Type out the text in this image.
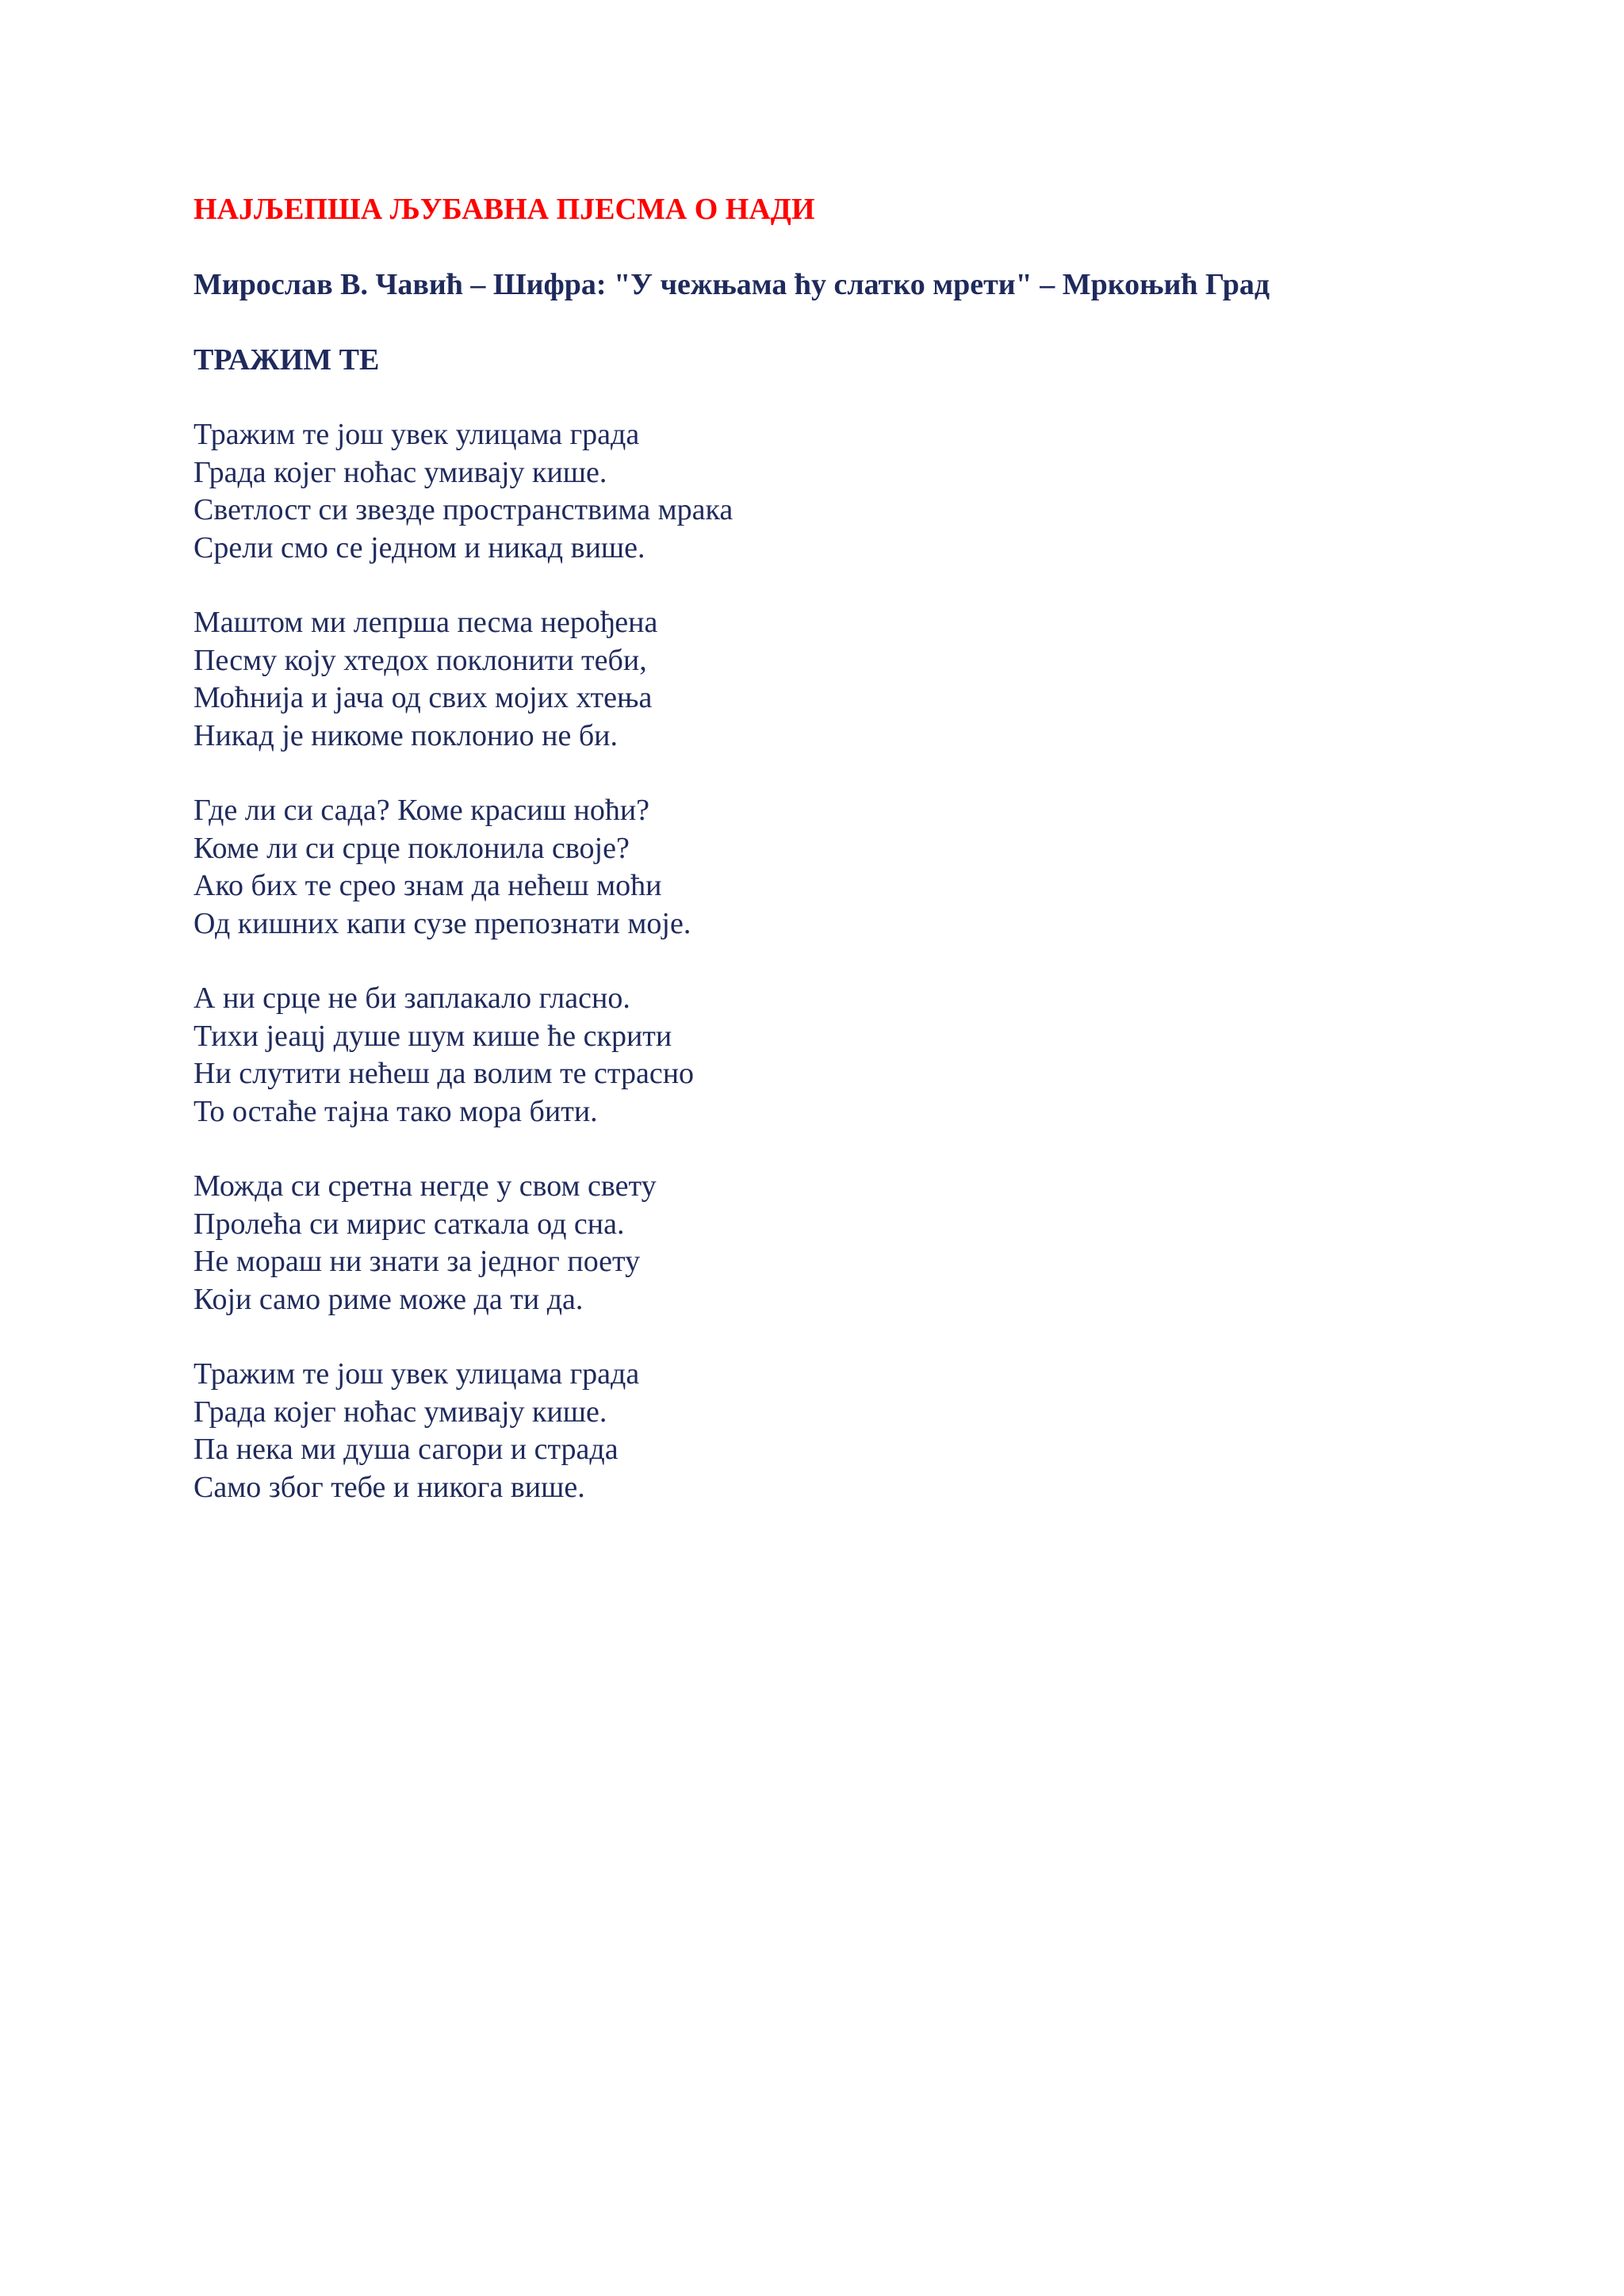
НАЈЉЕПША ЉУБАВНА ПЈЕСМА О НАДИ

Мирослав В. Чавић – Шифра: "У чежњама ћу слатко мрети" – Мркоњић Град

ТРАЖИМ ТЕ

Тражим те још увек улицама града
Града којег ноћас умивају кише.
Светлост си звезде пространствима мрака
Срели смо се једном и никад више.
Маштом ми лепрша песма нерођена
Песму коју хтедох поклонити теби,
Моћнија и јача од свих мојих хтења
Никад је никоме поклонио не би.
Где ли си сада? Коме красиш ноћи?
Коме ли си срце поклонила своје?
Ако бих те срео знам да нећеш моћи
Од кишних капи сузе препознати моје.
А ни срце не би заплакало гласно.
Тихи јеацј душе шум кише ће скрити
Ни слутити нећеш да волим те страсно
То остаће тајна тако мора бити.
Можда си сретна негде у свом свету
Пролећа си мирис саткала од сна.
Не мораш ни знати за једног поету
Који само риме може да ти да.
Тражим те још увек улицама града
Града којег ноћас умивају кише.
Па нека ми душа сагори и страда
Само због тебе и никога више.
